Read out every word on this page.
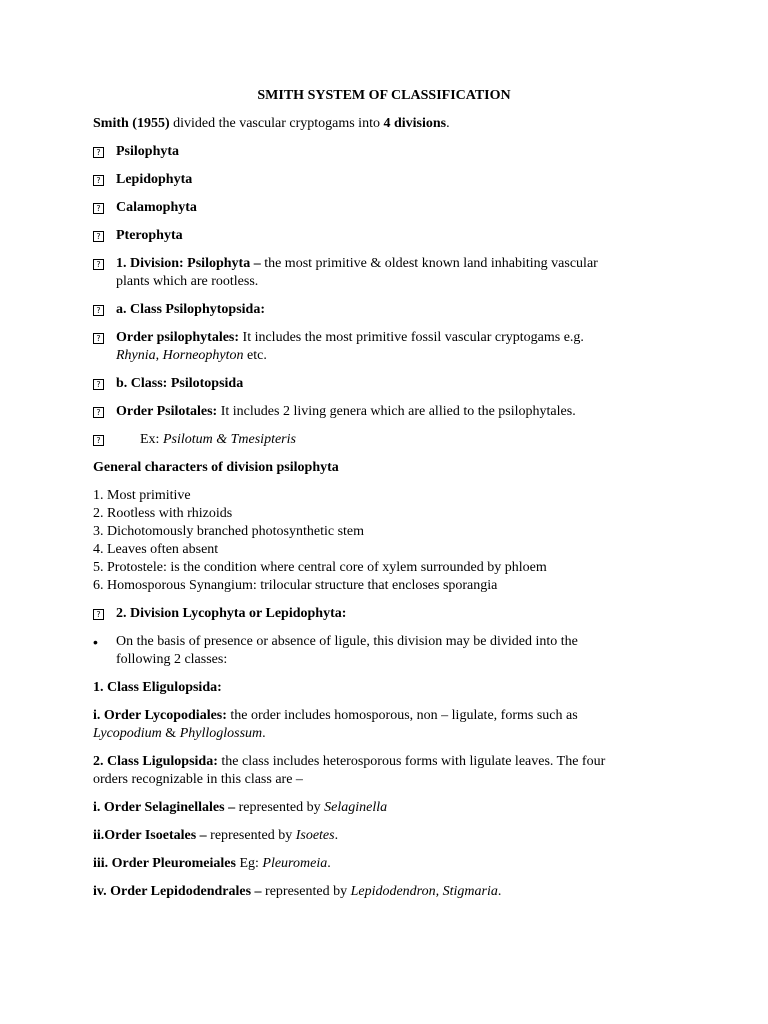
SMITH SYSTEM OF CLASSIFICATION
Smith (1955) divided the vascular cryptogams into 4 divisions.
? Psilophyta
? Lepidophyta
? Calamophyta
? Pterophyta
? 1. Division: Psilophyta – the most primitive & oldest known land inhabiting vascular
plants which are rootless.
? a. Class Psilophytopsida:
? Order psilophytales: It includes the most primitive fossil vascular cryptogams e.g.
Rhynia, Horneophyton etc.
? b. Class: Psilotopsida
? Order Psilotales: It includes 2 living genera which are allied to the psilophytales.
?	Ex: Psilotum & Tmesipteris
General characters of division psilophyta
1. Most primitive
2. Rootless with rhizoids
3. Dichotomously branched photosynthetic stem
4. Leaves often absent
5. Protostele: is the condition where central core of xylem surrounded by phloem
6. Homosporous Synangium: trilocular structure that encloses sporangia
? 2. Division Lycophyta or Lepidophyta:
• On the basis of presence or absence of ligule, this division may be divided into the
following 2 classes:
1. Class Eligulopsida:
i. Order Lycopodiales: the order includes homosporous, non – ligulate, forms such as
Lycopodium & Phylloglossum.
2. Class Ligulopsida: the class includes heterosporous forms with ligulate leaves. The four
orders recognizable in this class are –
i. Order Selaginellales – represented by Selaginella
ii.Order Isoetales – represented by Isoetes.
iii. Order Pleuromeiales Eg: Pleuromeia.
iv. Order Lepidodendrales – represented by Lepidodendron, Stigmaria.
